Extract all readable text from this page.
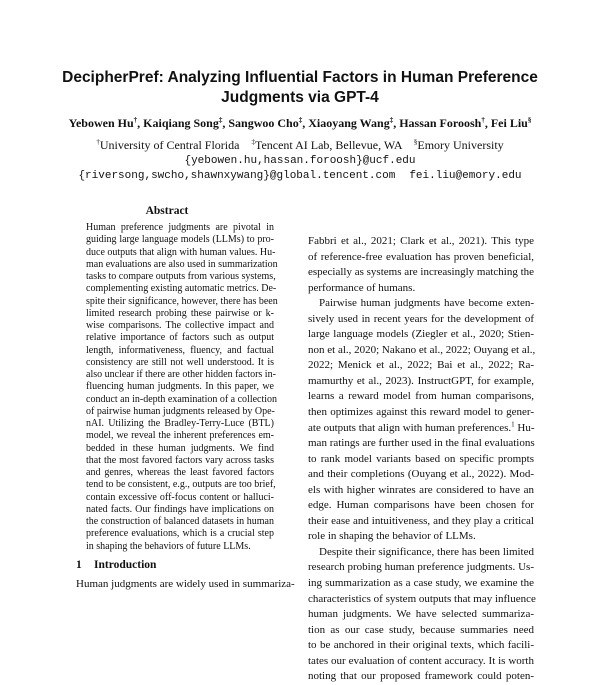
DecipherPref: Analyzing Influential Factors in Human Preference
Judgments via GPT-4
Yebowen Hu†, Kaiqiang Song‡, Sangwoo Cho‡, Xiaoyang Wang‡, Hassan Foroosh†, Fei Liu§
†University of Central Florida ‡Tencent AI Lab, Bellevue, WA §Emory University
{yebowen.hu,hassan.foroosh}@ucf.edu
{riversong,swcho,shawnxywang}@global.tencent.com fei.liu@emory.edu
Abstract
Human preference judgments are pivotal in
guiding large language models (LLMs) to pro-
duce outputs that align with human values. Hu-
man evaluations are also used in summarization
tasks to compare outputs from various systems,
complementing existing automatic metrics. De-
spite their significance, however, there has been
limited research probing these pairwise or k-
wise comparisons. The collective impact and
relative importance of factors such as output
length, informativeness, fluency, and factual
consistency are still not well understood. It is
also unclear if there are other hidden factors in-
fluencing human judgments. In this paper, we
conduct an in-depth examination of a collection
of pairwise human judgments released by Ope-
nAI. Utilizing the Bradley-Terry-Luce (BTL)
model, we reveal the inherent preferences em-
bedded in these human judgments. We find
that the most favored factors vary across tasks
and genres, whereas the least favored factors
tend to be consistent, e.g., outputs are too brief,
contain excessive off-focus content or halluci-
nated facts. Our findings have implications on
the construction of balanced datasets in human
preference evaluations, which is a crucial step
in shaping the behaviors of future LLMs.
1 Introduction
Human judgments are widely used in summariza-
Fabbri et al., 2021; Clark et al., 2021). This type
of reference-free evaluation has proven beneficial,
especially as systems are increasingly matching the
performance of humans.
Pairwise human judgments have become exten-
sively used in recent years for the development of
large language models (Ziegler et al., 2020; Stien-
non et al., 2020; Nakano et al., 2022; Ouyang et al.,
2022; Menick et al., 2022; Bai et al., 2022; Ra-
mamurthy et al., 2023). InstructGPT, for example,
learns a reward model from human comparisons,
then optimizes against this reward model to gener-
ate outputs that align with human preferences.$^1$ Hu-
man ratings are further used in the final evaluations
to rank model variants based on specific prompts
and their completions (Ouyang et al., 2022). Mod-
els with higher winrates are considered to have an
edge. Human comparisons have been chosen for
their ease and intuitiveness, and they play a critical
role in shaping the behavior of LLMs.
Despite their significance, there has been limited
research probing human preference judgments. Us-
ing summarization as a case study, we examine the
characteristics of system outputs that may influence
human judgments. We have selected summariza-
tion as our case study, because summaries need
to be anchored in their original texts, which facili-
tates our evaluation of content accuracy. It is worth
noting that our proposed framework could poten-
